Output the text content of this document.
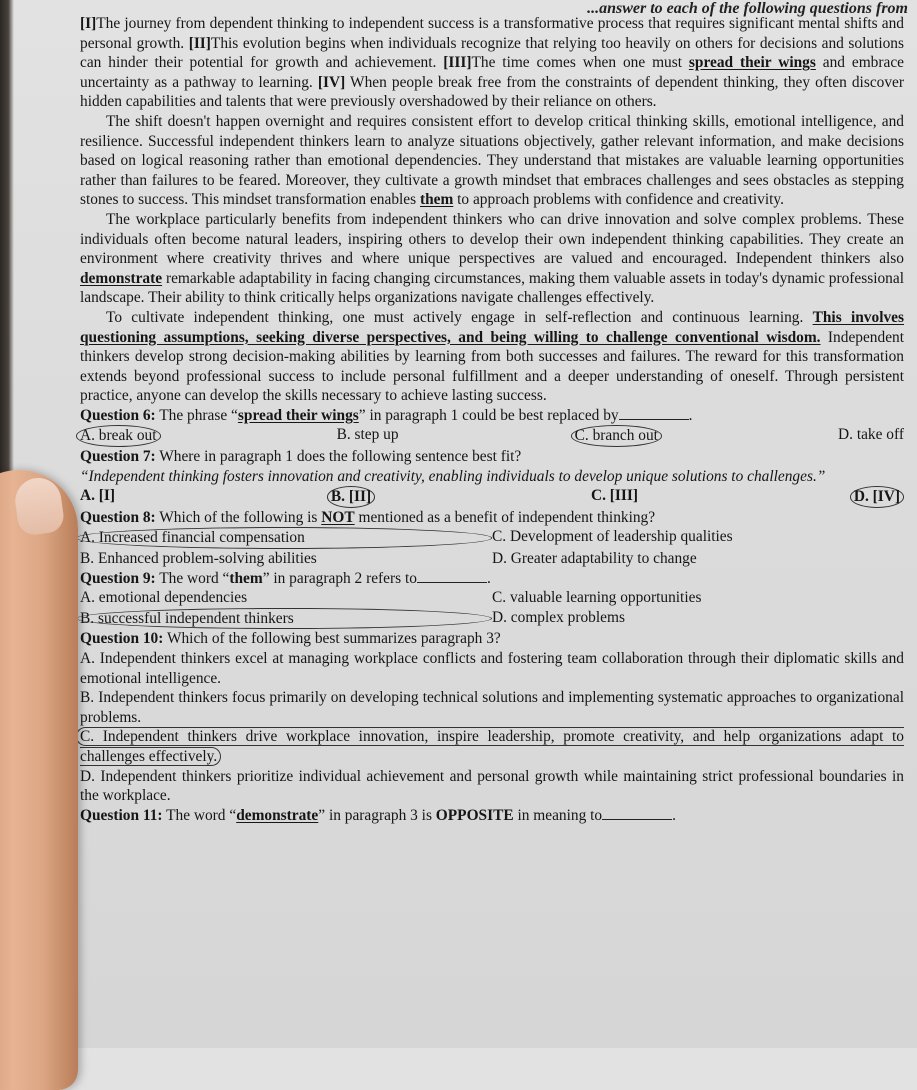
...answer to each of the following questions from

[I]The journey from dependent thinking to independent success is a transformative process that requires significant mental shifts and personal growth. [II]This evolution begins when individuals recognize that relying too heavily on others for decisions and solutions can hinder their potential for growth and achievement. [III]The time comes when one must spread their wings and embrace uncertainty as a pathway to learning. [IV] When people break free from the constraints of dependent thinking, they often discover hidden capabilities and talents that were previously overshadowed by their reliance on others.

The shift doesn't happen overnight and requires consistent effort to develop critical thinking skills, emotional intelligence, and resilience. Successful independent thinkers learn to analyze situations objectively, gather relevant information, and make decisions based on logical reasoning rather than emotional dependencies. They understand that mistakes are valuable learning opportunities rather than failures to be feared. Moreover, they cultivate a growth mindset that embraces challenges and sees obstacles as stepping stones to success. This mindset transformation enables them to approach problems with confidence and creativity.

The workplace particularly benefits from independent thinkers who can drive innovation and solve complex problems. These individuals often become natural leaders, inspiring others to develop their own independent thinking capabilities. They create an environment where creativity thrives and where unique perspectives are valued and encouraged. Independent thinkers also demonstrate remarkable adaptability in facing changing circumstances, making them valuable assets in today's dynamic professional landscape. Their ability to think critically helps organizations navigate challenges effectively.

To cultivate independent thinking, one must actively engage in self-reflection and continuous learning. This involves questioning assumptions, seeking diverse perspectives, and being willing to challenge conventional wisdom. Independent thinkers develop strong decision-making abilities by learning from both successes and failures. The reward for this transformation extends beyond professional success to include personal fulfillment and a deeper understanding of oneself. Through persistent practice, anyone can develop the skills necessary to achieve lasting success.

Question 6: The phrase “spread their wings” in paragraph 1 could be best replaced by	.

A. break out	B. step up	C. branch out	D. take off

Question 7: Where in paragraph 1 does the following sentence best fit?

“Independent thinking fosters innovation and creativity, enabling individuals to develop unique solutions to challenges.”

A. [I]	B. [II]	C. [III]	D. [IV]

Question 8: Which of the following is NOT mentioned as a benefit of independent thinking?

A. Increased financial compensation	C. Development of leadership qualities
B. Enhanced problem-solving abilities	D. Greater adaptability to change

Question 9: The word “them” in paragraph 2 refers to	.

A. emotional dependencies	C. valuable learning opportunities
B. successful independent thinkers	D. complex problems

Question 10: Which of the following best summarizes paragraph 3?

A. Independent thinkers excel at managing workplace conflicts and fostering team collaboration through their diplomatic skills and emotional intelligence.

B. Independent thinkers focus primarily on developing technical solutions and implementing systematic approaches to organizational problems.

C. Independent thinkers drive workplace innovation, inspire leadership, promote creativity, and help organizations adapt to challenges effectively.

D. Independent thinkers prioritize individual achievement and personal growth while maintaining strict professional boundaries in the workplace.

Question 11: The word “demonstrate” in paragraph 3 is OPPOSITE in meaning to	.
